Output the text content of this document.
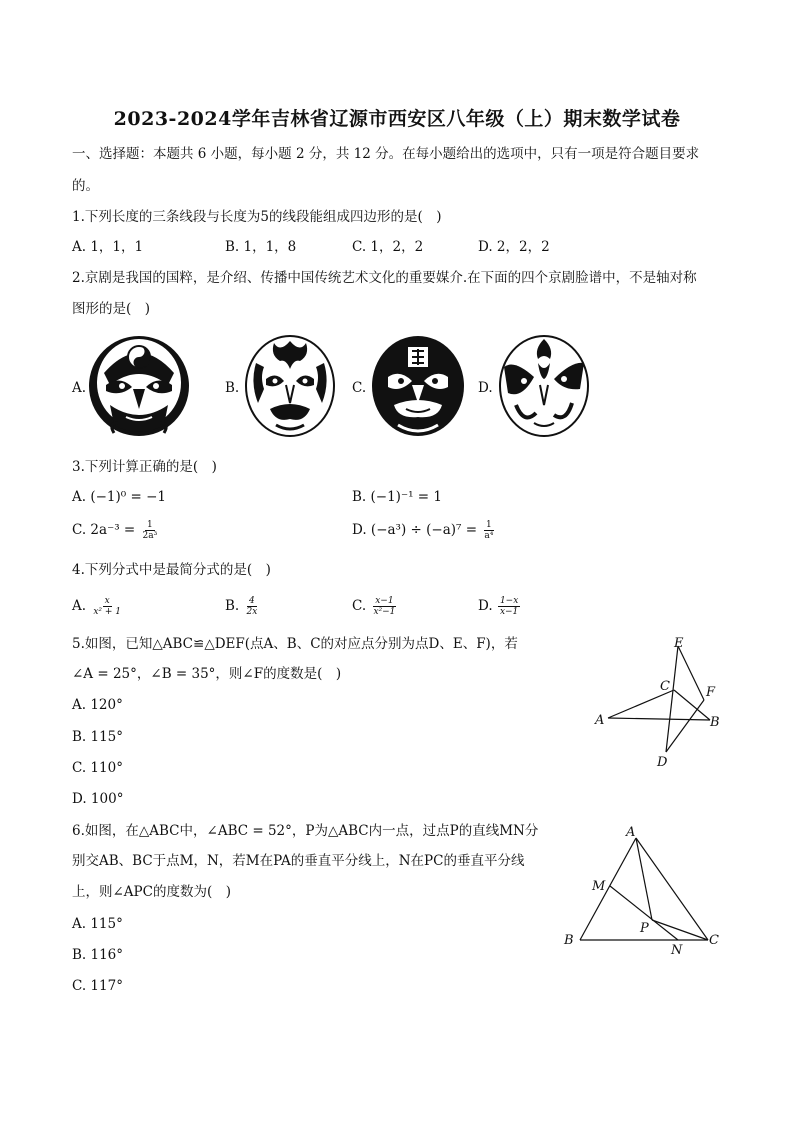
2023-2024学年吉林省辽源市西安区八年级（上）期末数学试卷
一、选择题：本题共 6 小题，每小题 2 分，共 12 分。在每小题给出的选项中，只有一项是符合题目要求
的。
1.下列长度的三条线段与长度为5的线段能组成四边形的是(　)
A. 1，1，1	B. 1，1，8	C. 1，2，2	D. 2，2，2
2.京剧是我国的国粹，是介绍、传播中国传统艺术文化的重要媒介.在下面的四个京剧脸谱中，不是轴对称
图形的是(　)
A.	B.	C.	D.
3.下列计算正确的是(　)
A. (−1)⁰ = −1	B. (−1)⁻¹ = 1
C. $2a^{-3} = \frac{1}{\text{2a³}}$	D. $(-a^3) \div (-a)^7 = \frac{1}{\text{a⁴}}$
4.下列分式中是最简分式的是(　)
A. $\frac{x}{\text{x² + 1}}$	B. $\frac{4}{2x}$	C. $\frac{x-1}{\text{x²−1}}$	D. $\frac{1-x}{x-1}$
5.如图，已知△ABC≌△DEF(点A、B、C的对应点分别为点D、E、F)，若
∠A = 25°，∠B = 35°，则∠F的度数是(　)
A. 120°
B. 115°
C. 110°
D. 100°
E
C	F
A	B
D
6.如图，在△ABC中，∠ABC = 52°，P为△ABC内一点，过点P的直线MN分
别交AB、BC于点M，N，若M在PA的垂直平分线上，N在PC的垂直平分线
上，则∠APC的度数为(　)
A. 115°
B. 116°
C. 117°
A
M
P
B
N
C
